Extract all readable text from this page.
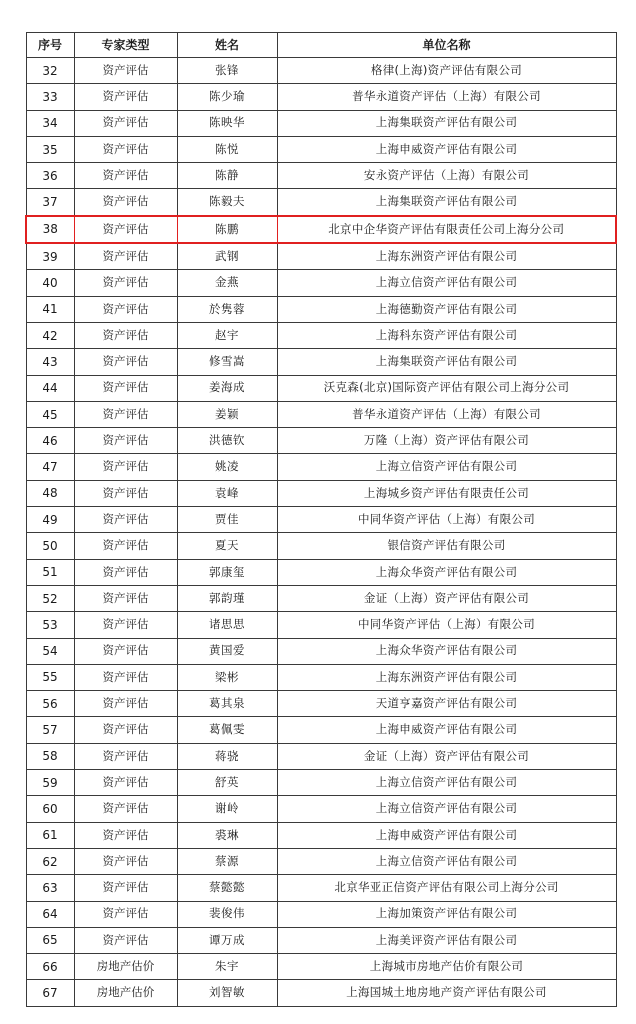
序号	专家类型	姓名	单位名称
32	资产评估	张锋	格律(上海)资产评估有限公司
33	资产评估	陈少瑜	普华永道资产评估（上海）有限公司
34	资产评估	陈映华	上海集联资产评估有限公司
35	资产评估	陈悦	上海申威资产评估有限公司
36	资产评估	陈静	安永资产评估（上海）有限公司
37	资产评估	陈毅夫	上海集联资产评估有限公司
38	资产评估	陈鹏	北京中企华资产评估有限责任公司上海分公司
39	资产评估	武钢	上海东洲资产评估有限公司
40	资产评估	金燕	上海立信资产评估有限公司
41	资产评估	於隽蓉	上海德勤资产评估有限公司
42	资产评估	赵宇	上海科东资产评估有限公司
43	资产评估	修雪嵩	上海集联资产评估有限公司
44	资产评估	姜海成	沃克森(北京)国际资产评估有限公司上海分公司
45	资产评估	姜颖	普华永道资产评估（上海）有限公司
46	资产评估	洪德钦	万隆（上海）资产评估有限公司
47	资产评估	姚凌	上海立信资产评估有限公司
48	资产评估	袁峰	上海城乡资产评估有限责任公司
49	资产评估	贾佳	中同华资产评估（上海）有限公司
50	资产评估	夏天	银信资产评估有限公司
51	资产评估	郭康玺	上海众华资产评估有限公司
52	资产评估	郭韵瑾	金证（上海）资产评估有限公司
53	资产评估	诸思思	中同华资产评估（上海）有限公司
54	资产评估	黄国爱	上海众华资产评估有限公司
55	资产评估	梁彬	上海东洲资产评估有限公司
56	资产评估	葛其泉	天道亨嘉资产评估有限公司
57	资产评估	葛佩雯	上海申威资产评估有限公司
58	资产评估	蒋骁	金证（上海）资产评估有限公司
59	资产评估	舒英	上海立信资产评估有限公司
60	资产评估	谢岭	上海立信资产评估有限公司
61	资产评估	裘琳	上海申威资产评估有限公司
62	资产评估	蔡源	上海立信资产评估有限公司
63	资产评估	蔡懿懿	北京华亚正信资产评估有限公司上海分公司
64	资产评估	裴俊伟	上海加策资产评估有限公司
65	资产评估	谭万成	上海美评资产评估有限公司
66	房地产估价	朱宇	上海城市房地产估价有限公司
67	房地产估价	刘智敏	上海国城土地房地产资产评估有限公司
